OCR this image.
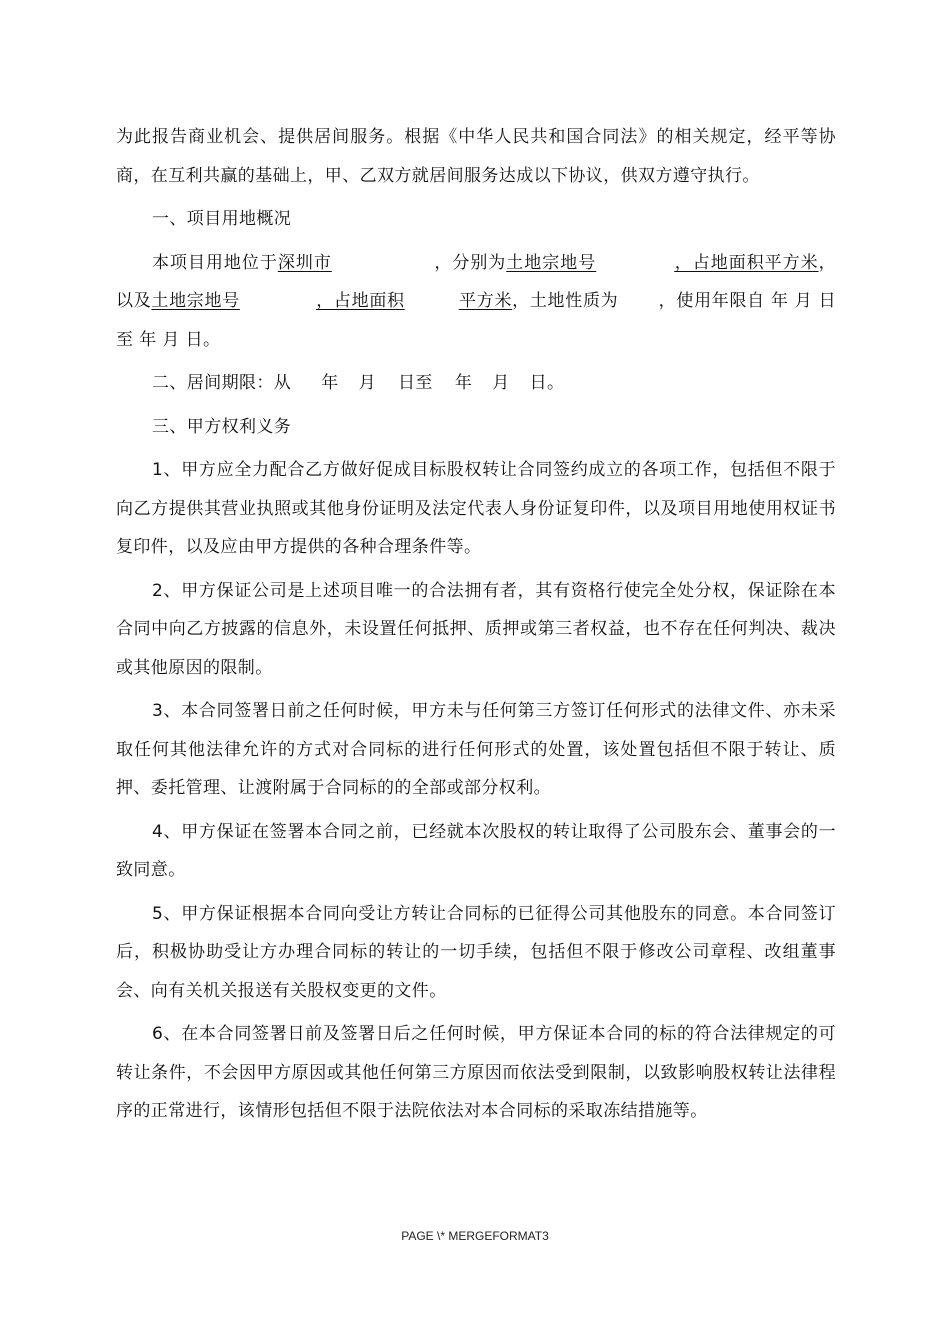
为此报告商业机会、提供居间服务。根据《中华人民共和国合同法》的相关规定，经平等协商，在互利共赢的基础上，甲、乙双方就居间服务达成以下协议，供双方遵守执行。

一、项目用地概况

本项目用地位于深圳市	，分别为土地宗地号	，占地面积平方米，以及土地宗地号	，占地面积	平方米，土地性质为 ，使用年限自 年 月 日 至 年 月 日。

二、居间期限：从 年 月 日至 年 月 日。

三、甲方权利义务

1、甲方应全力配合乙方做好促成目标股权转让合同签约成立的各项工作，包括但不限于向乙方提供其营业执照或其他身份证明及法定代表人身份证复印件，以及项目用地使用权证书复印件，以及应由甲方提供的各种合理条件等。

2、甲方保证公司是上述项目唯一的合法拥有者，其有资格行使完全处分权，保证除在本合同中向乙方披露的信息外，未设置任何抵押、质押或第三者权益，也不存在任何判决、裁决或其他原因的限制。

3、本合同签署日前之任何时候，甲方未与任何第三方签订任何形式的法律文件、亦未采取任何其他法律允许的方式对合同标的进行任何形式的处置，该处置包括但不限于转让、质押、委托管理、让渡附属于合同标的的全部或部分权利。

4、甲方保证在签署本合同之前，已经就本次股权的转让取得了公司股东会、董事会的一致同意。

5、甲方保证根据本合同向受让方转让合同标的已征得公司其他股东的同意。本合同签订后，积极协助受让方办理合同标的转让的一切手续，包括但不限于修改公司章程、改组董事会、向有关机关报送有关股权变更的文件。

6、在本合同签署日前及签署日后之任何时候，甲方保证本合同的标的符合法律规定的可转让条件，不会因甲方原因或其他任何第三方原因而依法受到限制，以致影响股权转让法律程序的正常进行，该情形包括但不限于法院依法对本合同标的采取冻结措施等。

PAGE \* MERGEFORMAT3
